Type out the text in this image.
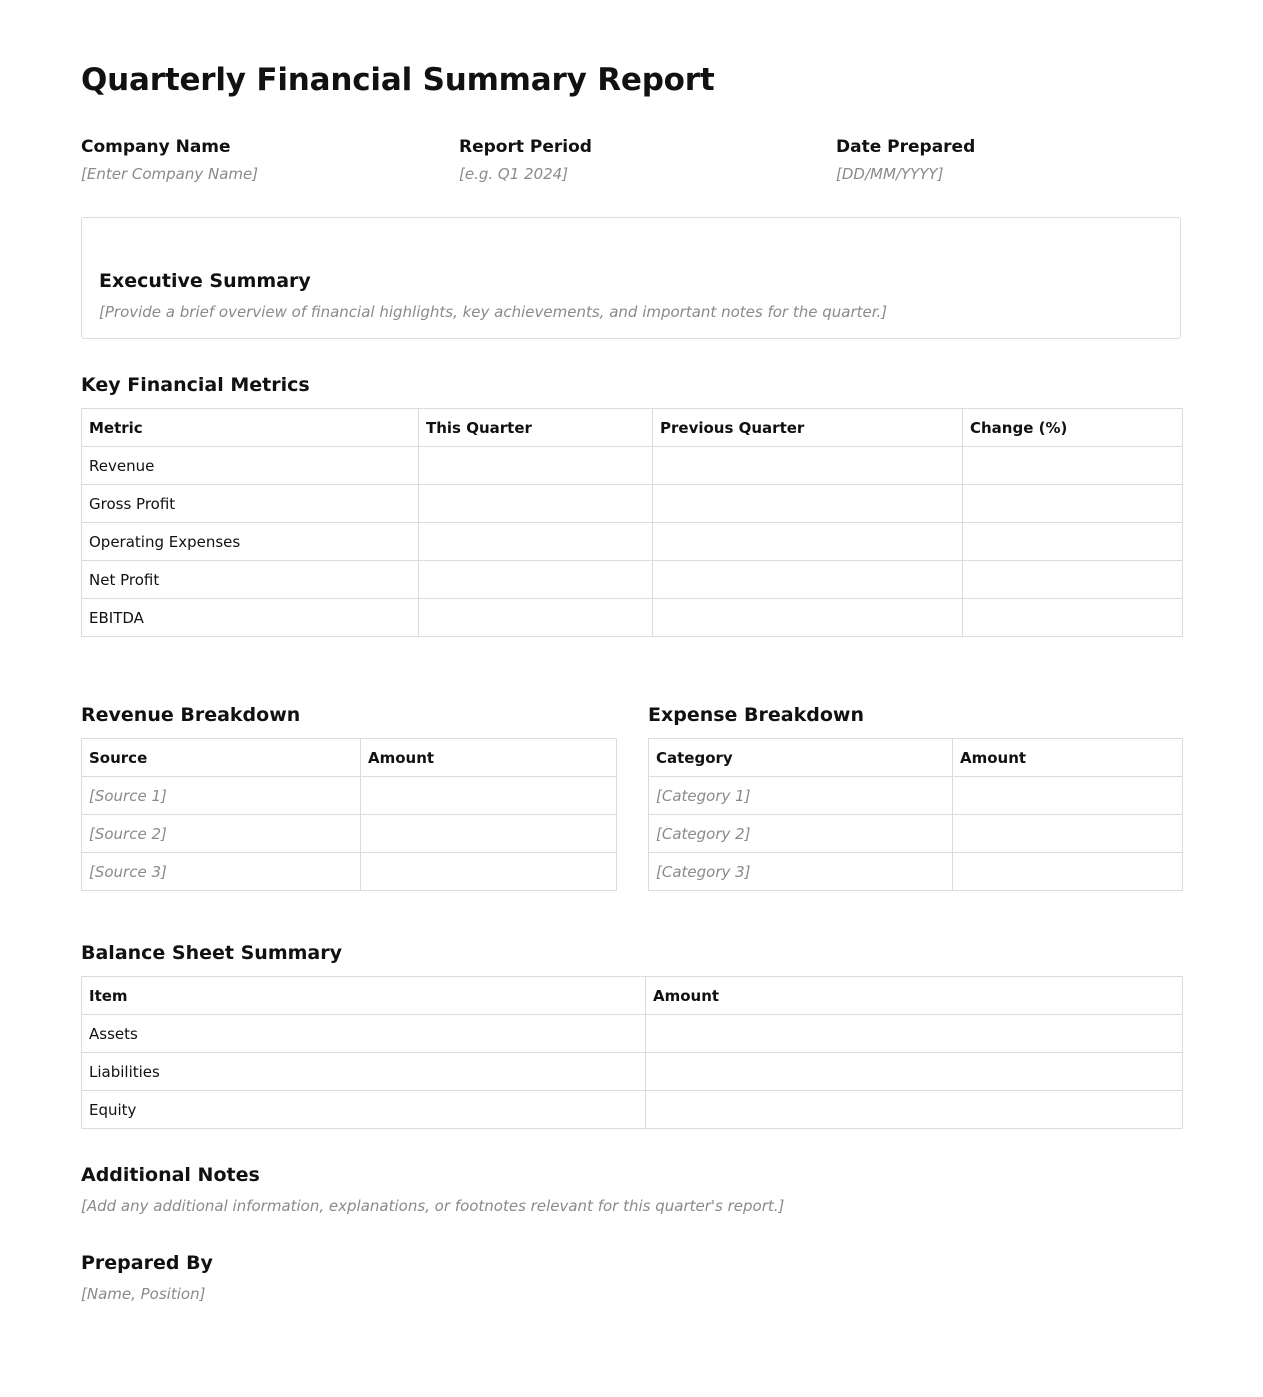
Quarterly Financial Summary Report
Company Name
[Enter Company Name]
Report Period
[e.g. Q1 2024]
Date Prepared
[DD/MM/YYYY]
Executive Summary

[Provide a brief overview of financial highlights, key achievements, and important notes for the quarter.]

Key Financial Metrics
Metric	This Quarter	Previous Quarter	Change (%)
Revenue			
Gross Profit			
Operating Expenses			
Net Profit			
EBITDA			
Revenue Breakdown
Source	Amount
[Source 1]	
[Source 2]	
[Source 3]	
Expense Breakdown
Category	Amount
[Category 1]	
[Category 2]	
[Category 3]	
Balance Sheet Summary
Item	Amount
Assets	
Liabilities	
Equity	
Additional Notes

[Add any additional information, explanations, or footnotes relevant for this quarter's report.]

Prepared By

[Name, Position]
